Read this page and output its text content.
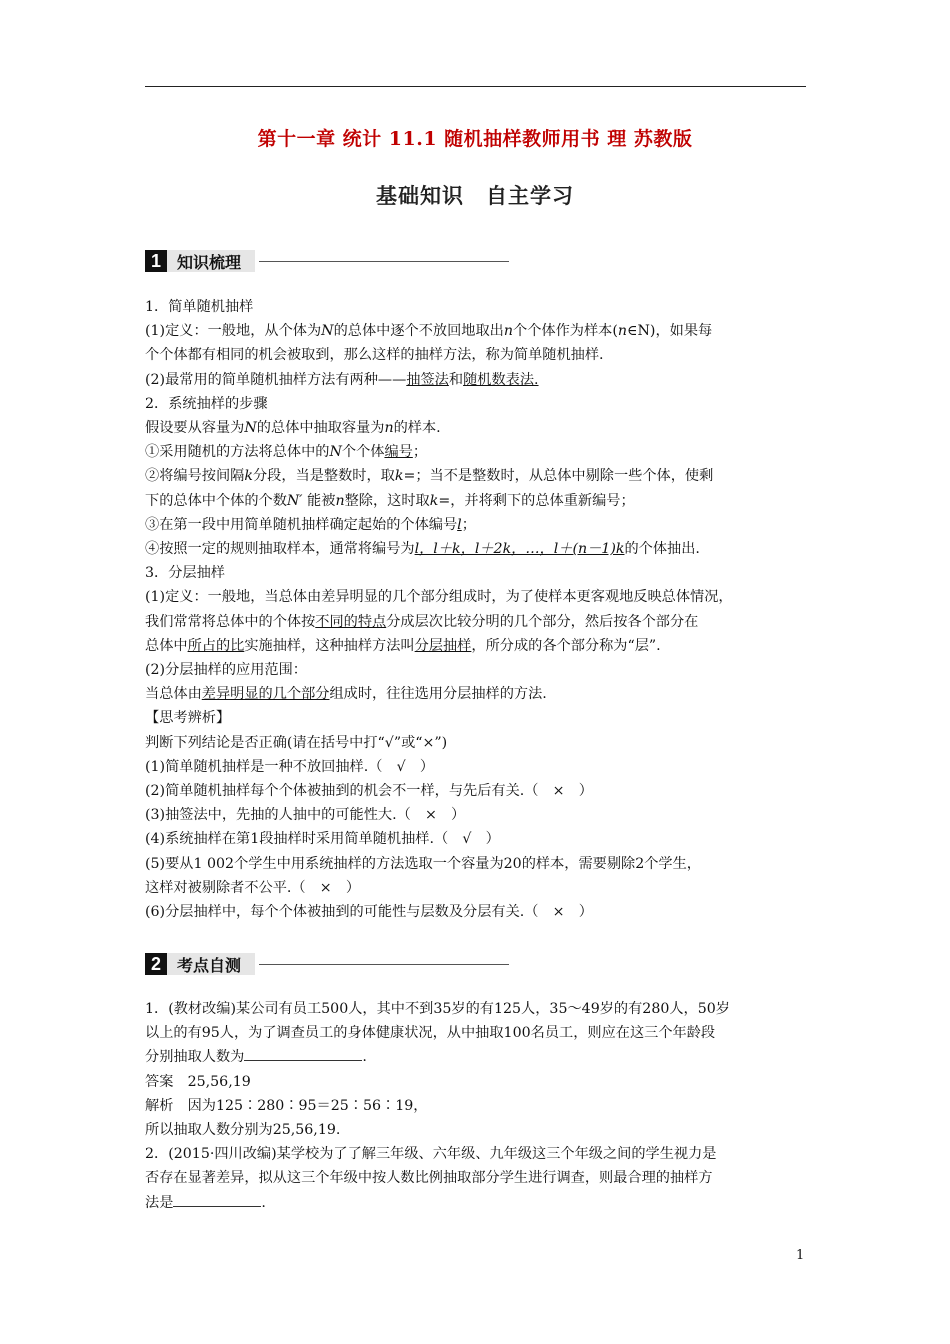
第十一章 统计 11.1 随机抽样教师用书 理 苏教版
基础知识　自主学习
1	知识梳理

1．简单随机抽样

(1)定义：一般地，从个体为N的总体中逐个不放回地取出n个个体作为样本(n∈N)，如果每

个个体都有相同的机会被取到，那么这样的抽样方法，称为简单随机抽样.

(2)最常用的简单随机抽样方法有两种——抽签法和随机数表法.

2．系统抽样的步骤

假设要从容量为N的总体中抽取容量为n的样本.

①采用随机的方法将总体中的N个个体编号；

②将编号按间隔k分段，当是整数时，取k=；当不是整数时，从总体中剔除一些个体，使剩

下的总体中个体的个数N′ 能被n整除，这时取k=，并将剩下的总体重新编号；

③在第一段中用简单随机抽样确定起始的个体编号l；

④按照一定的规则抽取样本，通常将编号为l，l＋k，l＋2k，…，l＋(n－1)k的个体抽出.

3．分层抽样

(1)定义：一般地，当总体由差异明显的几个部分组成时，为了使样本更客观地反映总体情况，

我们常常将总体中的个体按不同的特点分成层次比较分明的几个部分，然后按各个部分在

总体中所占的比实施抽样，这种抽样方法叫分层抽样，所分成的各个部分称为“层”.

(2)分层抽样的应用范围：

当总体由差异明显的几个部分组成时，往往选用分层抽样的方法.

【思考辨析】

判断下列结论是否正确(请在括号中打“√”或“×”)

(1)简单随机抽样是一种不放回抽样.（　√　）

(2)简单随机抽样每个个体被抽到的机会不一样，与先后有关.（　×　）

(3)抽签法中，先抽的人抽中的可能性大.（　×　）

(4)系统抽样在第1段抽样时采用简单随机抽样.（　√　）

(5)要从1 002个学生中用系统抽样的方法选取一个容量为20的样本，需要剔除2个学生，

这样对被剔除者不公平.（　×　）

(6)分层抽样中，每个个体被抽到的可能性与层数及分层有关.（　×　）

2	考点自测

1．(教材改编)某公司有员工500人，其中不到35岁的有125人，35～49岁的有280人，50岁

以上的有95人，为了调查员工的身体健康状况，从中抽取100名员工，则应在这三个年龄段

分别抽取人数为	.

答案　25,56,19

解析　因为125∶280∶95＝25∶56∶19，

所以抽取人数分别为25,56,19.

2．(2015·四川改编)某学校为了了解三年级、六年级、九年级这三个年级之间的学生视力是

否存在显著差异，拟从这三个年级中按人数比例抽取部分学生进行调查，则最合理的抽样方

法是	.

1
